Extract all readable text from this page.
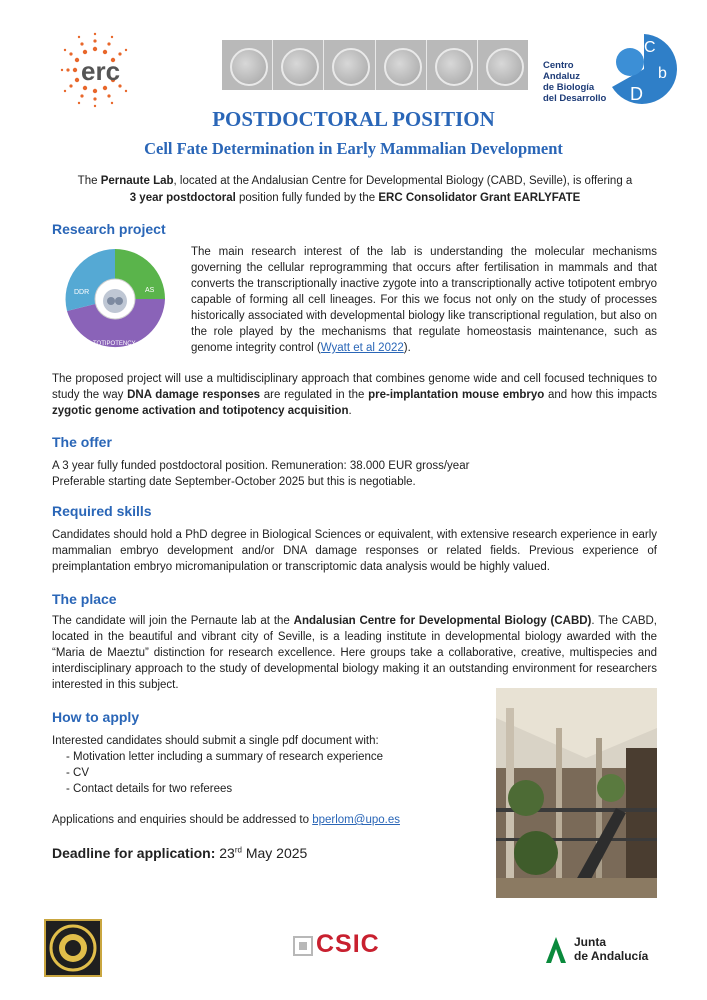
erc	Centro
Andaluz
de Biología
del Desarrollo
C
b
D
POSTDOCTORAL POSITION
Cell Fate Determination in Early Mammalian Development
The Pernaute Lab, located at the Andalusian Centre for Developmental Biology (CABD, Seville), is offering a
3 year postdoctoral position fully funded by the ERC Consolidator Grant EARLYFATE
Research project
DDR	AS
TOTIPOTENCY
The main research interest of the lab is understanding the molecular mechanisms governing the cellular reprogramming that occurs after fertilisation in mammals and that converts the transcriptionally inactive zygote into a transcriptionally active totipotent embryo capable of forming all cell lineages. For this we focus not only on the study of processes historically associated with developmental biology like transcriptional regulation, but also on the role played by the mechanisms that regulate homeostasis maintenance, such as genome integrity control (Wyatt et al 2022).
The proposed project will use a multidisciplinary approach that combines genome wide and cell focused techniques to study the way DNA damage responses are regulated in the pre-implantation mouse embryo and how this impacts zygotic genome activation and totipotency acquisition.
The offer
A 3 year fully funded postdoctoral position. Remuneration: 38.000 EUR gross/year
Preferable starting date September-October 2025 but this is negotiable.
Required skills
Candidates should hold a PhD degree in Biological Sciences or equivalent, with extensive research experience in early mammalian embryo development and/or DNA damage responses or related fields. Previous experience of preimplantation embryo micromanipulation or transcriptomic data analysis would be highly valued.
The place
The candidate will join the Pernaute lab at the Andalusian Centre for Developmental Biology (CABD). The CABD, located in the beautiful and vibrant city of Seville, is a leading institute in developmental biology awarded with the “Maria de Maeztu” distinction for research excellence. Here groups take a collaborative, creative, multispecies and interdisciplinary approach to the study of developmental biology making it an outstanding environment for researchers interested in this subject.
How to apply
Interested candidates should submit a single pdf document with:
- Motivation letter including a summary of research experience
- CV
- Contact details for two referees
Applications and enquiries should be addressed to bperlom@upo.es
Deadline for application: 23rd May 2025
CSIC	Junta
de Andalucía
